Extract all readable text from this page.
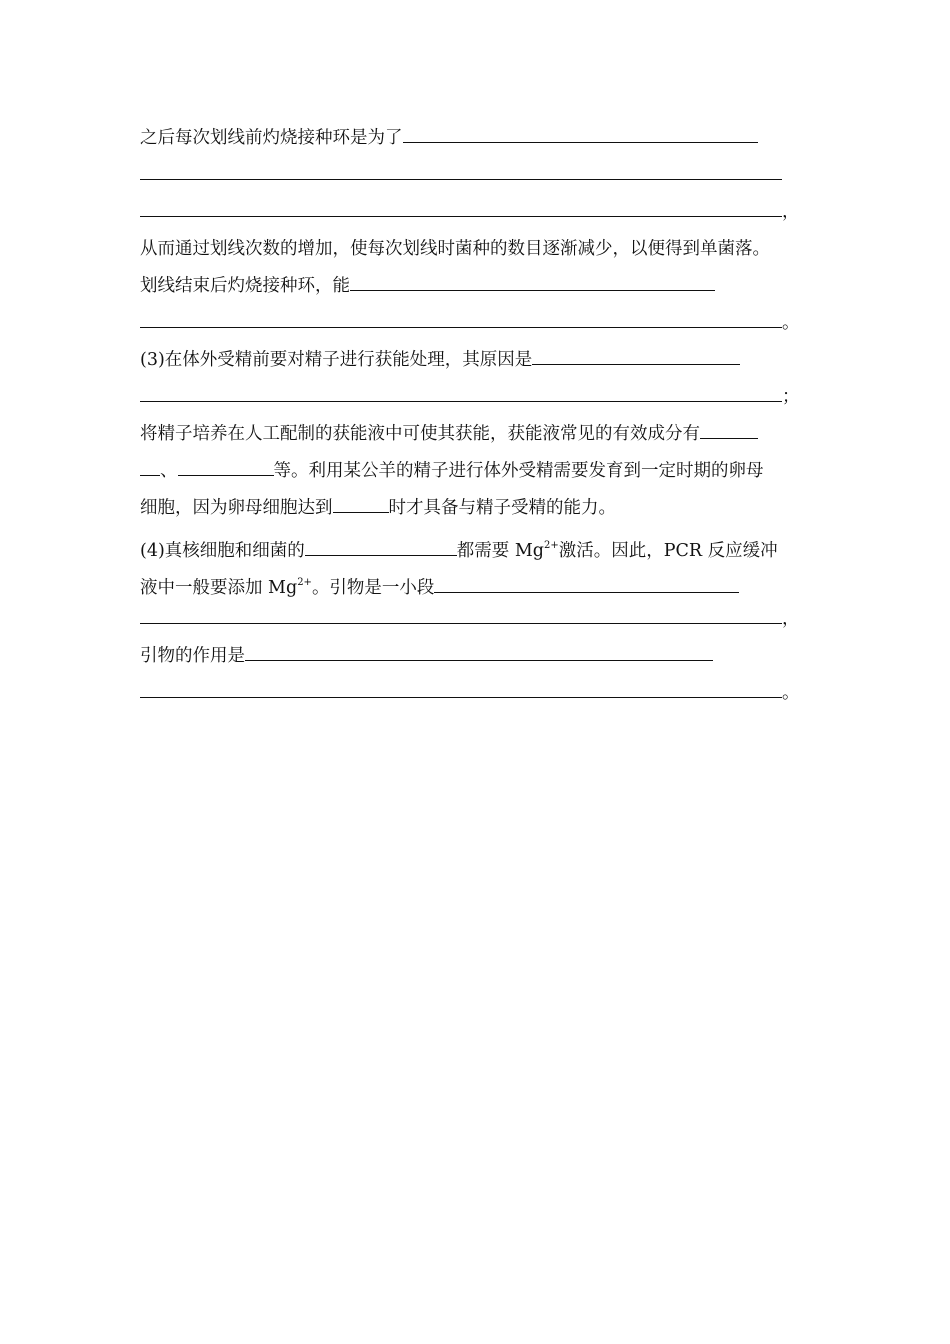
之后每次划线前灼烧接种环是为了
，
从而通过划线次数的增加，使每次划线时菌种的数目逐渐减少，以便得到单菌落。
划线结束后灼烧接种环，能
。
(3)在体外受精前要对精子进行获能处理，其原因是
；
将精子培养在人工配制的获能液中可使其获能，获能液常见的有效成分有
、	等。利用某公羊的精子进行体外受精需要发育到一定时期的卵母
细胞，因为卵母细胞达到	时才具备与精子受精的能力。
(4)真核细胞和细菌的	都需要 $Mg^{2+}$激活。因此，PCR 反应缓冲
液中一般要添加 $Mg^{2+}$。引物是一小段
，
引物的作用是
。
